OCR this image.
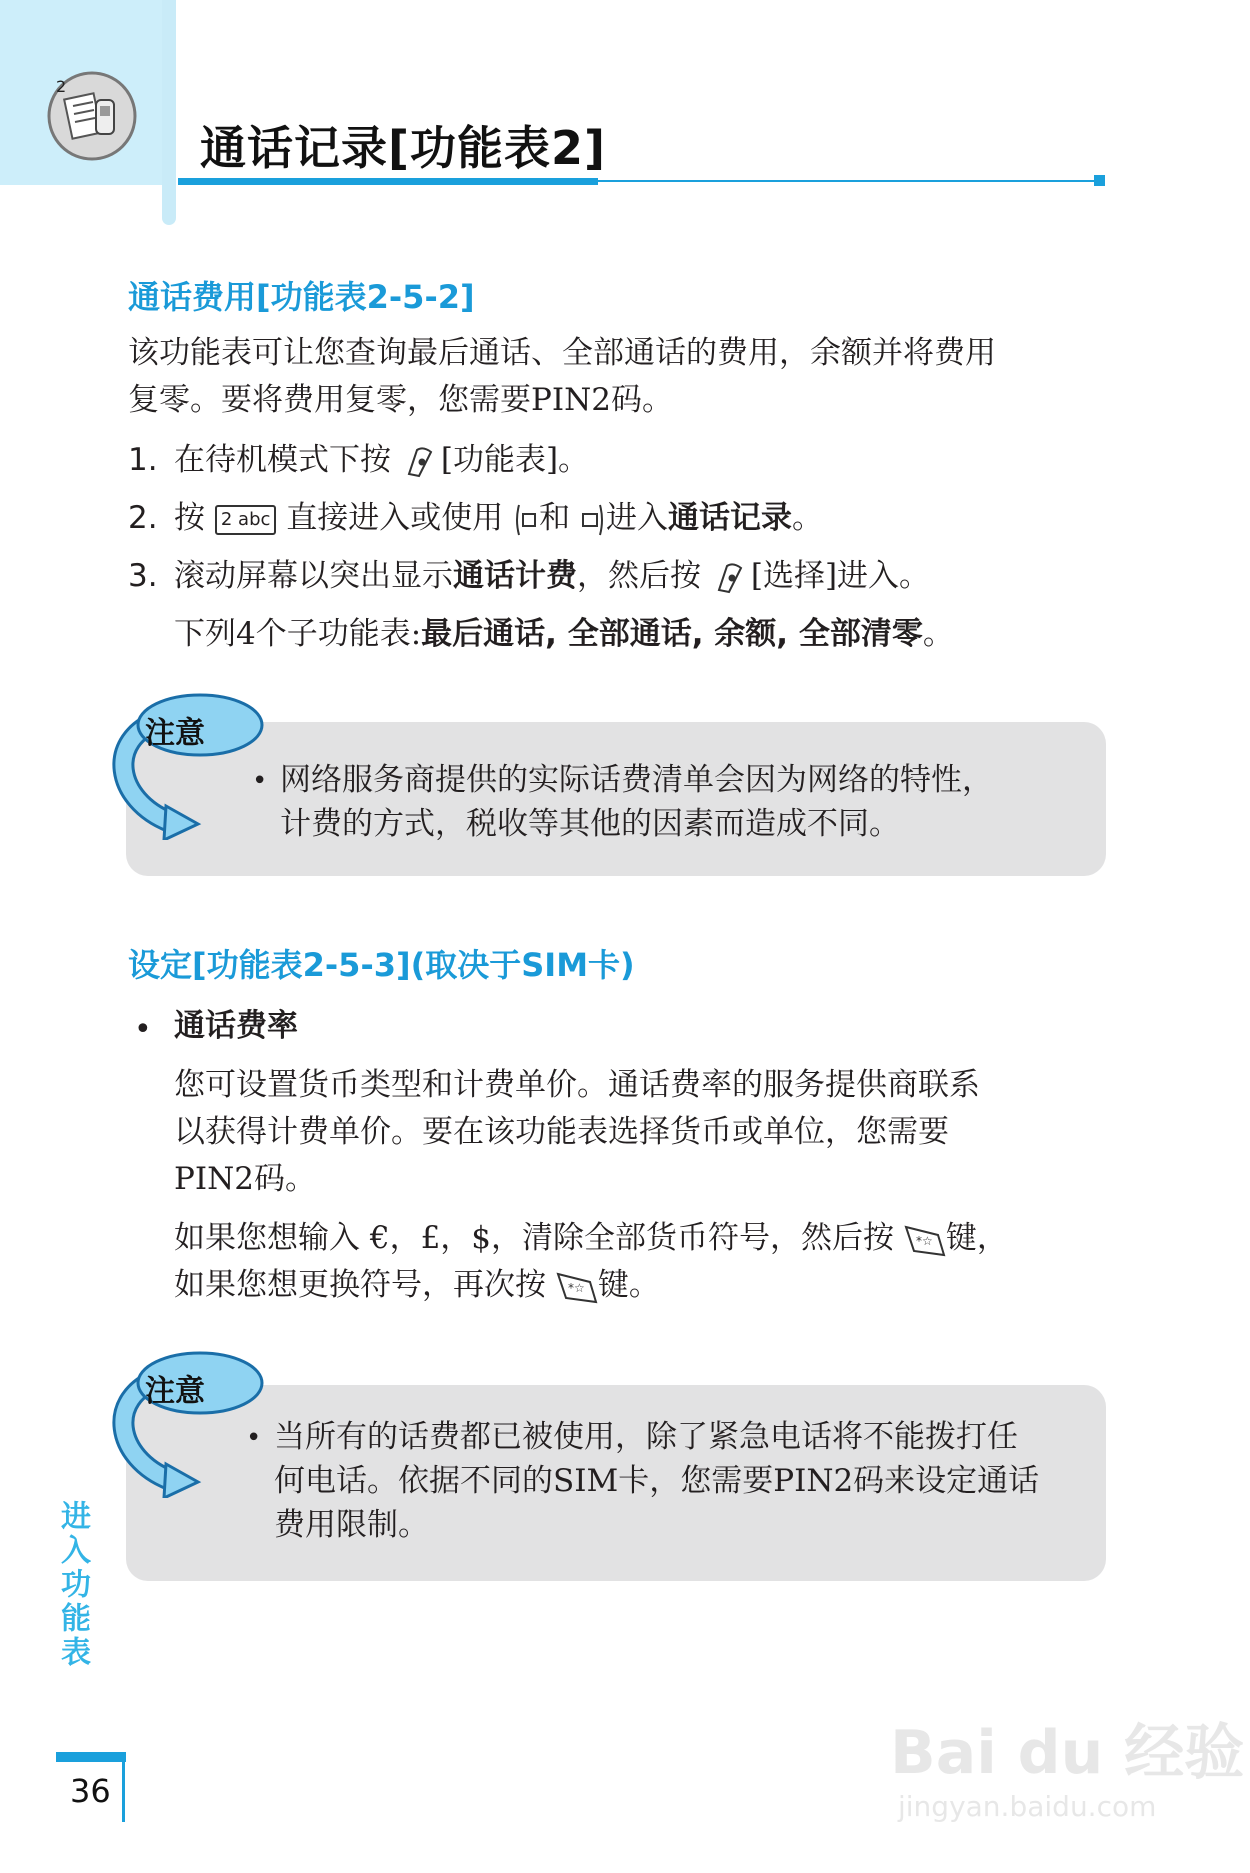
2
通话记录[功能表2]
通话费用[功能表2-5-2]

该功能表可让您查询最后通话、全部通话的费用，余额并将费用

复零。要将费用复零，您需要PIN2码。

1. 在待机模式下按 [功能表]。

2. 按 2 abc 直接进入或使用 和 进入通话记录。

3. 滚动屏幕以突出显示通话计费，然后按 [选择]进入。

下列4个子功能表:最后通话, 全部通话, 余额, 全部清零。

注意

• 网络服务商提供的实际话费清单会因为网络的特性，

计费的方式，税收等其他的因素而造成不同。

设定[功能表2-5-3](取决于SIM卡)
• 通话费率

您可设置货币类型和计费单价。通话费率的服务提供商联系

以获得计费单价。要在该功能表选择货币或单位，您需要

PIN2码。

如果您想输入 €，£，$，清除全部货币符号，然后按 *☆ 键，

如果您想更换符号，再次按 *☆ 键。

注意

• 当所有的话费都已被使用，除了紧急电话将不能拨打任

何电话。依据不同的SIM卡，您需要PIN2码来设定通话

费用限制。

进入功能表

36

Bai du 经验
jingyan.baidu.com
